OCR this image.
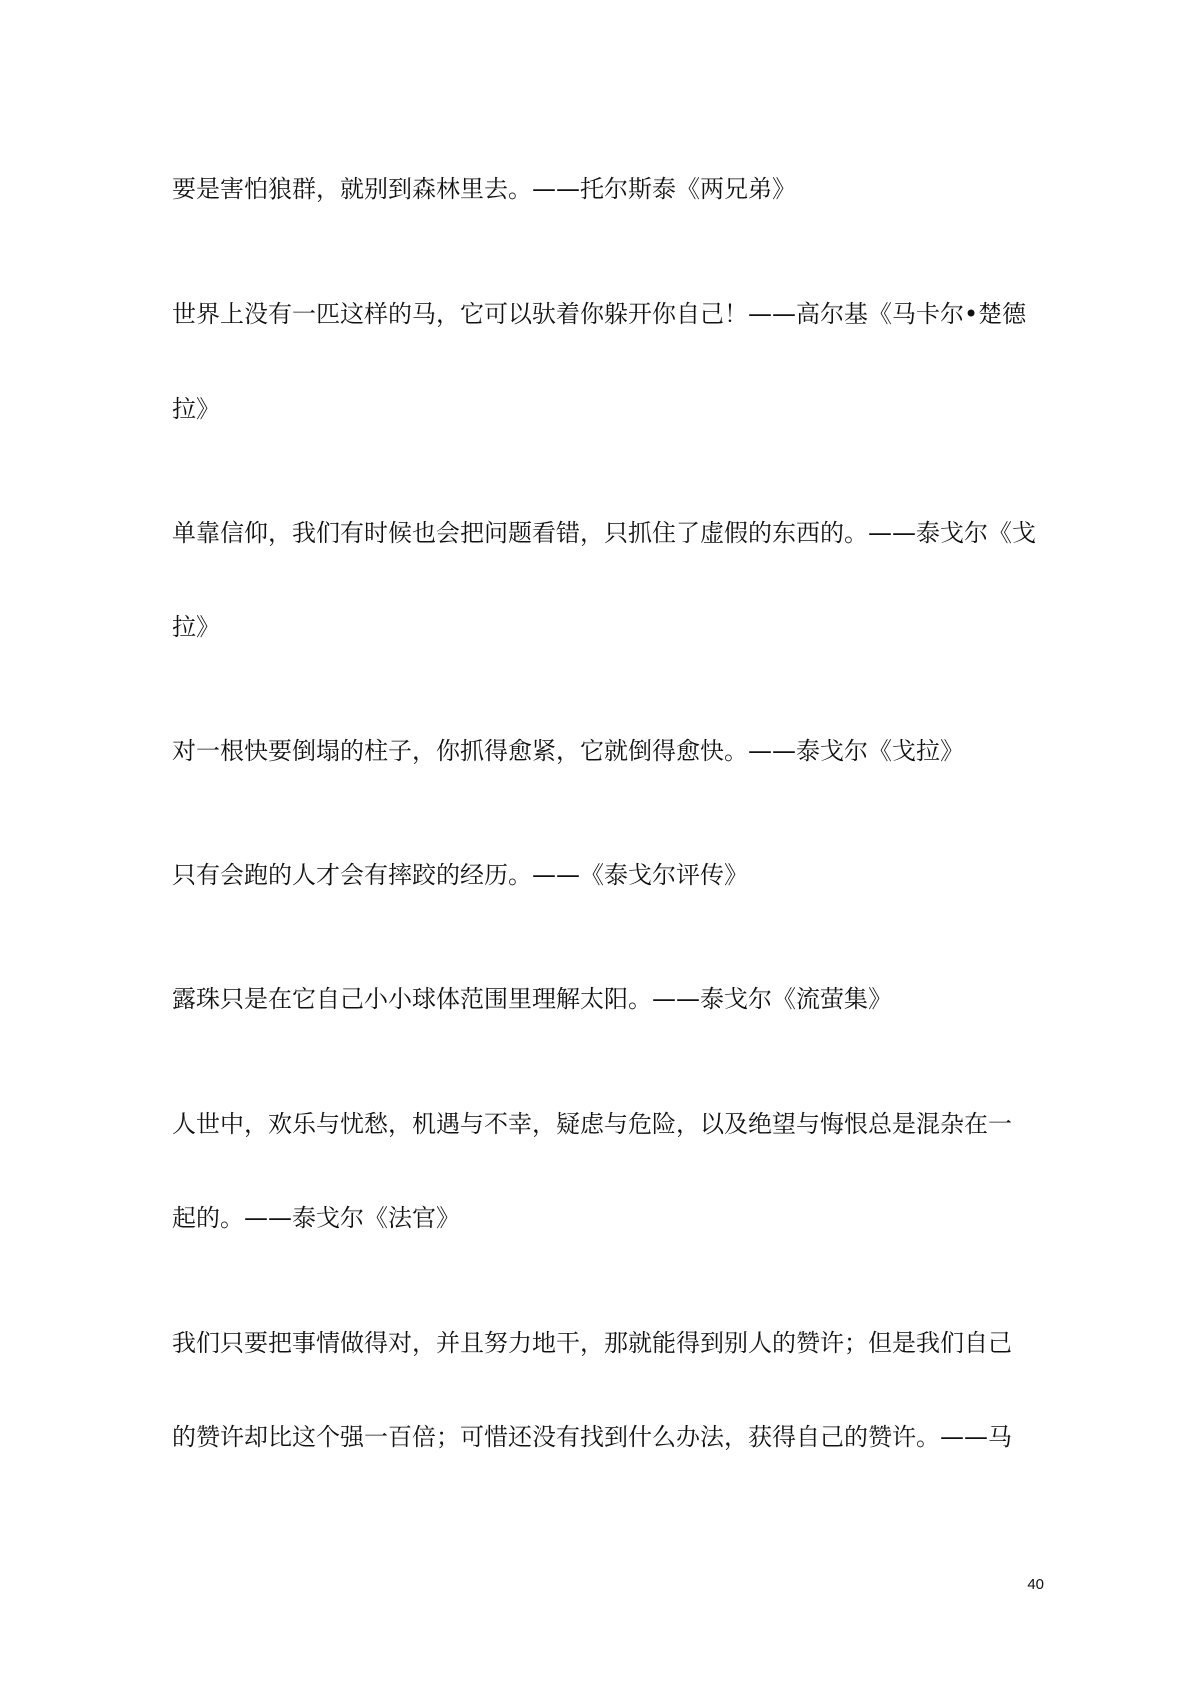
要是害怕狼群，就别到森林里去。——托尔斯泰《两兄弟》
世界上没有一匹这样的马，它可以驮着你躲开你自己！——高尔基《马卡尔•楚德
拉》
单靠信仰，我们有时候也会把问题看错，只抓住了虚假的东西的。——泰戈尔《戈
拉》
对一根快要倒塌的柱子，你抓得愈紧，它就倒得愈快。——泰戈尔《戈拉》
只有会跑的人才会有摔跤的经历。——《泰戈尔评传》
露珠只是在它自己小小球体范围里理解太阳。——泰戈尔《流萤集》
人世中，欢乐与忧愁，机遇与不幸，疑虑与危险，以及绝望与悔恨总是混杂在一
起的。——泰戈尔《法官》
我们只要把事情做得对，并且努力地干，那就能得到别人的赞许；但是我们自己
的赞许却比这个强一百倍；可惜还没有找到什么办法，获得自己的赞许。——马
40
